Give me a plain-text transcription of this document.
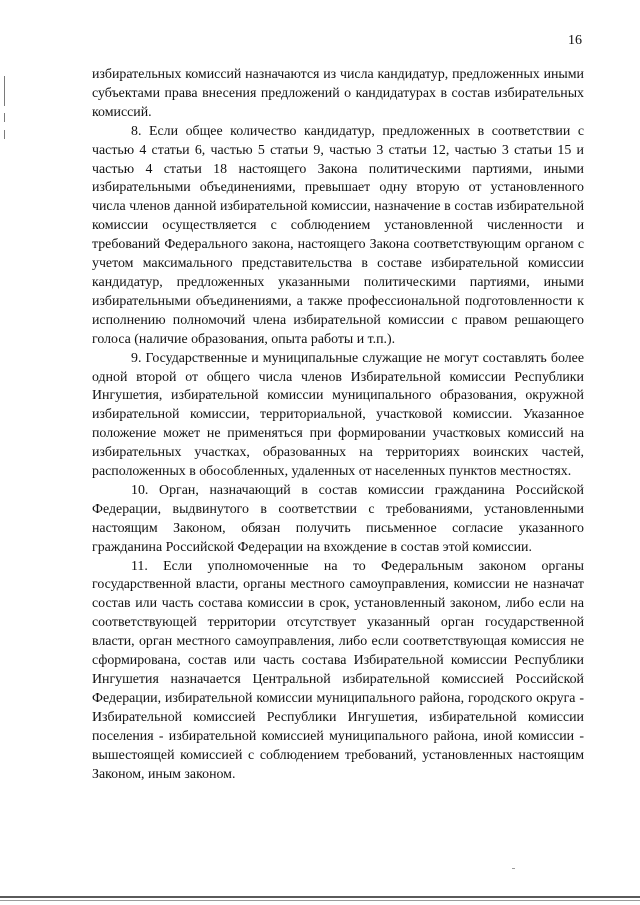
16

избирательных комиссий назначаются из числа кандидатур, предложенных иными субъектами права внесения предложений о кандидатурах в состав избирательных комиссий.

8. Если общее количество кандидатур, предложенных в соответствии с частью 4 статьи 6, частью 5 статьи 9, частью 3 статьи 12, частью 3 статьи 15 и частью 4 статьи 18 настоящего Закона политическими партиями, иными избирательными объединениями, превышает одну вторую от установленного числа членов данной избирательной комиссии, назначение в состав избирательной комиссии осуществляется с соблюдением установленной численности и требований Федерального закона, настоящего Закона соответствующим органом с учетом максимального представительства в составе избирательной комиссии кандидатур, предложенных указанными политическими партиями, иными избирательными объединениями, а также профессиональной подготовленности к исполнению полномочий члена избирательной комиссии с правом решающего голоса (наличие образования, опыта работы и т.п.).

9. Государственные и муниципальные служащие не могут составлять более одной второй от общего числа членов Избирательной комиссии Республики Ингушетия, избирательной комиссии муниципального образования, окружной избирательной комиссии, территориальной, участковой комиссии. Указанное положение может не применяться при формировании участковых комиссий на избирательных участках, образованных на территориях воинских частей, расположенных в обособленных, удаленных от населенных пунктов местностях.

10. Орган, назначающий в состав комиссии гражданина Российской Федерации, выдвинутого в соответствии с требованиями, установленными настоящим Законом, обязан получить письменное согласие указанного гражданина Российской Федерации на вхождение в состав этой комиссии.

11. Если уполномоченные на то Федеральным законом органы государственной власти, органы местного самоуправления, комиссии не назначат состав или часть состава комиссии в срок, установленный законом, либо если на соответствующей территории отсутствует указанный орган государственной власти, орган местного самоуправления, либо если соответствующая комиссия не сформирована, состав или часть состава Избирательной комиссии Республики Ингушетия назначается Центральной избирательной комиссией Российской Федерации, избирательной комиссии муниципального района, городского округа - Избирательной комиссией Республики Ингушетия, избирательной комиссии поселения - избирательной комиссией муниципального района, иной комиссии - вышестоящей комиссией с соблюдением требований, установленных настоящим Законом, иным законом.
